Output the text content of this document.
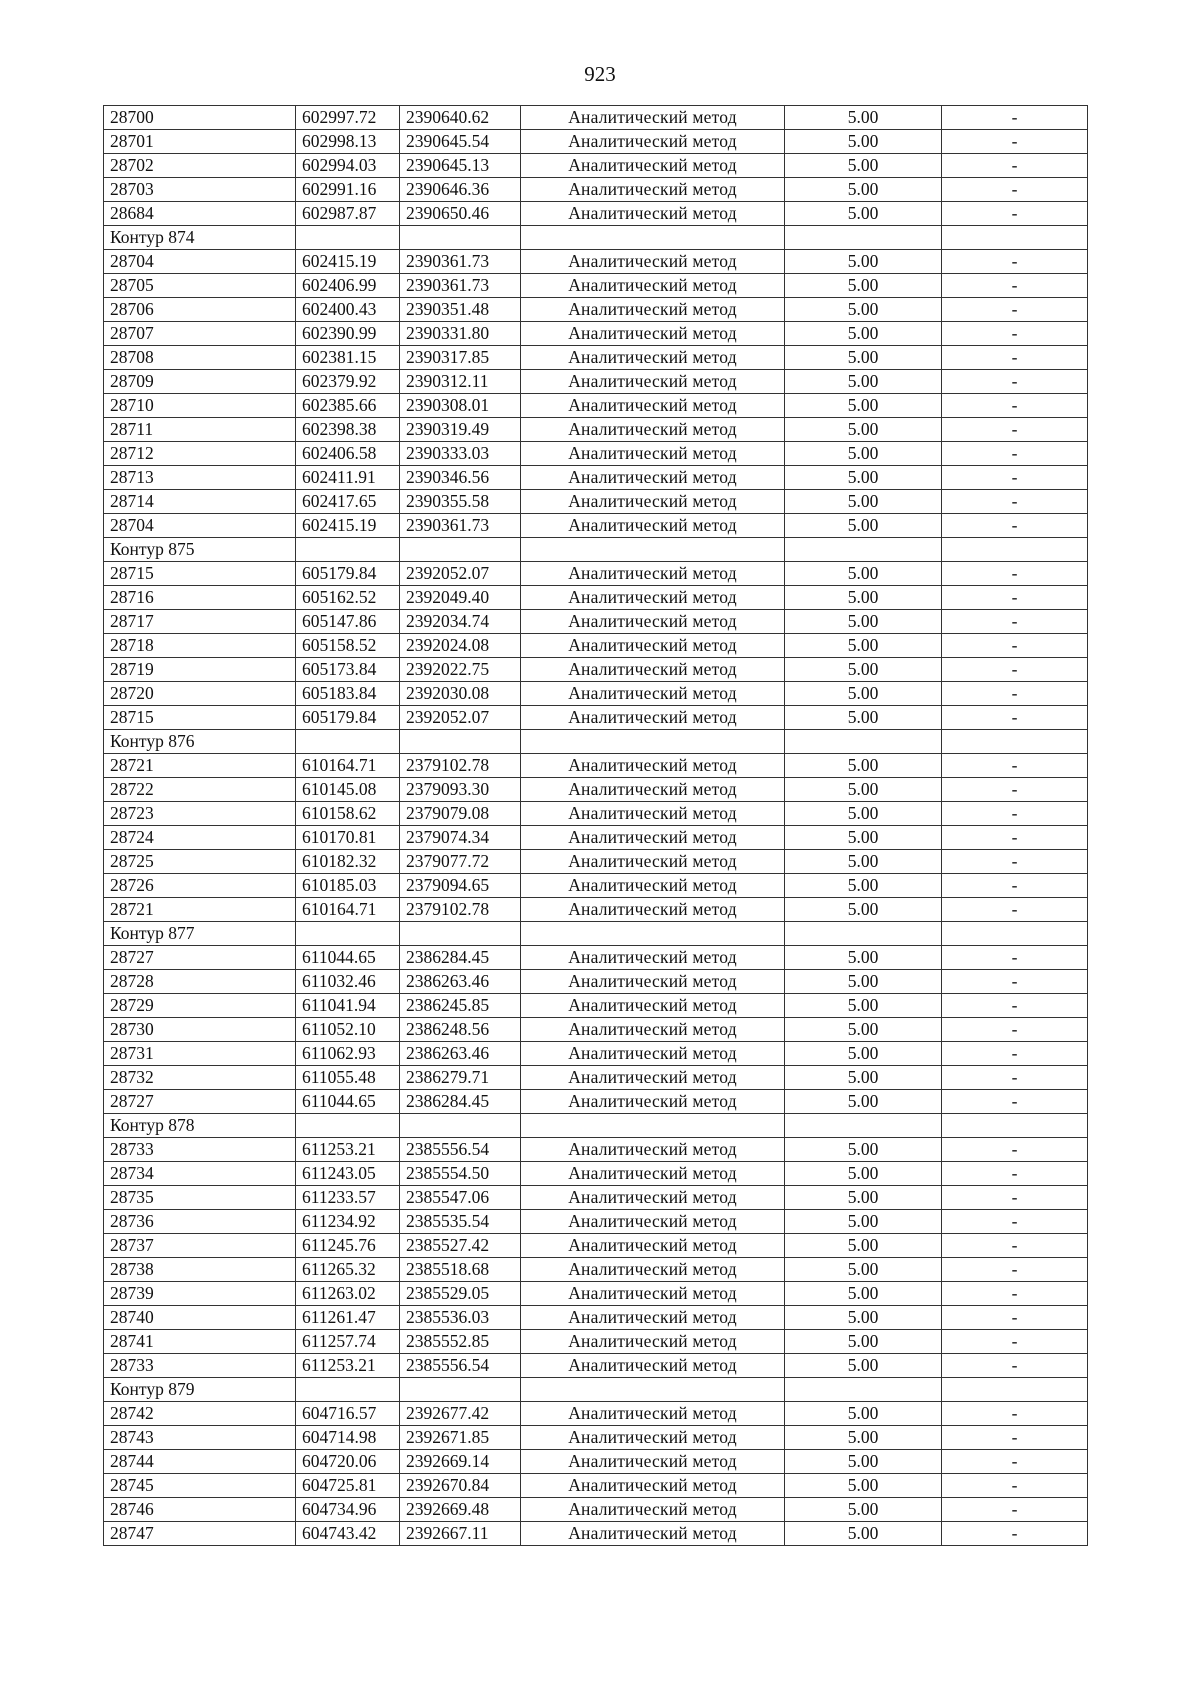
923
28700	602997.72	2390640.62	Аналитический метод	5.00	-
28701	602998.13	2390645.54	Аналитический метод	5.00	-
28702	602994.03	2390645.13	Аналитический метод	5.00	-
28703	602991.16	2390646.36	Аналитический метод	5.00	-
28684	602987.87	2390650.46	Аналитический метод	5.00	-
Контур 874					
28704	602415.19	2390361.73	Аналитический метод	5.00	-
28705	602406.99	2390361.73	Аналитический метод	5.00	-
28706	602400.43	2390351.48	Аналитический метод	5.00	-
28707	602390.99	2390331.80	Аналитический метод	5.00	-
28708	602381.15	2390317.85	Аналитический метод	5.00	-
28709	602379.92	2390312.11	Аналитический метод	5.00	-
28710	602385.66	2390308.01	Аналитический метод	5.00	-
28711	602398.38	2390319.49	Аналитический метод	5.00	-
28712	602406.58	2390333.03	Аналитический метод	5.00	-
28713	602411.91	2390346.56	Аналитический метод	5.00	-
28714	602417.65	2390355.58	Аналитический метод	5.00	-
28704	602415.19	2390361.73	Аналитический метод	5.00	-
Контур 875					
28715	605179.84	2392052.07	Аналитический метод	5.00	-
28716	605162.52	2392049.40	Аналитический метод	5.00	-
28717	605147.86	2392034.74	Аналитический метод	5.00	-
28718	605158.52	2392024.08	Аналитический метод	5.00	-
28719	605173.84	2392022.75	Аналитический метод	5.00	-
28720	605183.84	2392030.08	Аналитический метод	5.00	-
28715	605179.84	2392052.07	Аналитический метод	5.00	-
Контур 876					
28721	610164.71	2379102.78	Аналитический метод	5.00	-
28722	610145.08	2379093.30	Аналитический метод	5.00	-
28723	610158.62	2379079.08	Аналитический метод	5.00	-
28724	610170.81	2379074.34	Аналитический метод	5.00	-
28725	610182.32	2379077.72	Аналитический метод	5.00	-
28726	610185.03	2379094.65	Аналитический метод	5.00	-
28721	610164.71	2379102.78	Аналитический метод	5.00	-
Контур 877					
28727	611044.65	2386284.45	Аналитический метод	5.00	-
28728	611032.46	2386263.46	Аналитический метод	5.00	-
28729	611041.94	2386245.85	Аналитический метод	5.00	-
28730	611052.10	2386248.56	Аналитический метод	5.00	-
28731	611062.93	2386263.46	Аналитический метод	5.00	-
28732	611055.48	2386279.71	Аналитический метод	5.00	-
28727	611044.65	2386284.45	Аналитический метод	5.00	-
Контур 878					
28733	611253.21	2385556.54	Аналитический метод	5.00	-
28734	611243.05	2385554.50	Аналитический метод	5.00	-
28735	611233.57	2385547.06	Аналитический метод	5.00	-
28736	611234.92	2385535.54	Аналитический метод	5.00	-
28737	611245.76	2385527.42	Аналитический метод	5.00	-
28738	611265.32	2385518.68	Аналитический метод	5.00	-
28739	611263.02	2385529.05	Аналитический метод	5.00	-
28740	611261.47	2385536.03	Аналитический метод	5.00	-
28741	611257.74	2385552.85	Аналитический метод	5.00	-
28733	611253.21	2385556.54	Аналитический метод	5.00	-
Контур 879					
28742	604716.57	2392677.42	Аналитический метод	5.00	-
28743	604714.98	2392671.85	Аналитический метод	5.00	-
28744	604720.06	2392669.14	Аналитический метод	5.00	-
28745	604725.81	2392670.84	Аналитический метод	5.00	-
28746	604734.96	2392669.48	Аналитический метод	5.00	-
28747	604743.42	2392667.11	Аналитический метод	5.00	-
